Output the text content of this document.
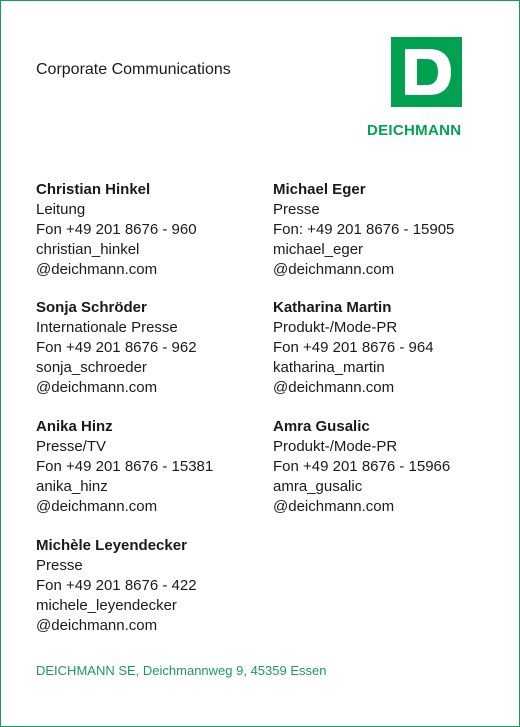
Corporate Communications
DEICHMANN
Christian Hinkel
Leitung
Fon +49 201 8676 - 960
christian_hinkel
@deichmann.com
Sonja Schröder
Internationale Presse
Fon +49 201 8676 - 962
sonja_schroeder
@deichmann.com
Anika Hinz
Presse/TV
Fon +49 201 8676 - 15381
anika_hinz
@deichmann.com
Michèle Leyendecker
Presse
Fon +49 201 8676 - 422
michele_leyendecker
@deichmann.com
Michael Eger
Presse
Fon: +49 201 8676 - 15905
michael_eger
@deichmann.com
Katharina Martin
Produkt-/Mode-PR
Fon +49 201 8676 - 964
katharina_martin
@deichmann.com
Amra Gusalic
Produkt-/Mode-PR
Fon +49 201 8676 - 15966
amra_gusalic
@deichmann.com
DEICHMANN SE, Deichmannweg 9, 45359 Essen
